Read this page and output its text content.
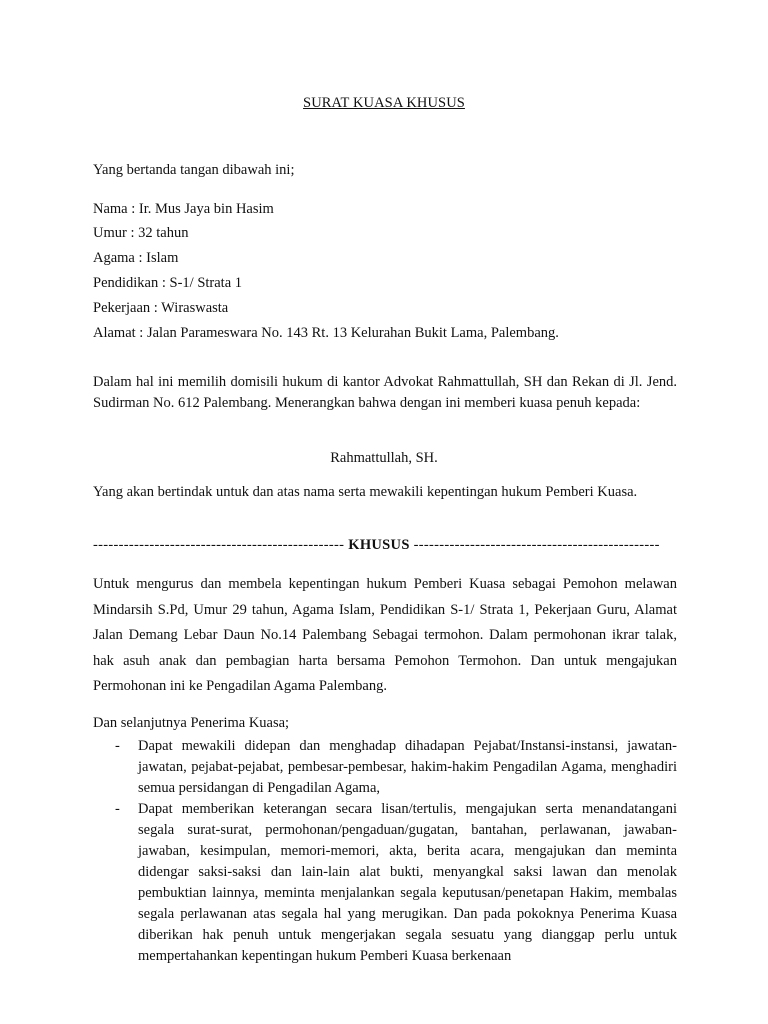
SURAT KUASA KHUSUS

Yang bertanda tangan dibawah ini;

Nama : Ir. Mus Jaya bin Hasim

Umur : 32 tahun

Agama : Islam

Pendidikan : S-1/ Strata 1

Pekerjaan : Wiraswasta

Alamat : Jalan Parameswara No. 143 Rt. 13 Kelurahan Bukit Lama, Palembang.

Dalam hal ini memilih domisili hukum di kantor Advokat Rahmattullah, SH dan Rekan di Jl. Jend. Sudirman No. 612 Palembang. Menerangkan bahwa dengan ini memberi kuasa penuh kepada:

Rahmattullah, SH.

Yang akan bertindak untuk dan atas nama serta mewakili kepentingan hukum Pemberi Kuasa.

------------------------------------------------- KHUSUS ------------------------------------------------

Untuk mengurus dan membela kepentingan hukum Pemberi Kuasa sebagai Pemohon melawan Mindarsih S.Pd, Umur 29 tahun, Agama Islam, Pendidikan S-1/ Strata 1, Pekerjaan Guru, Alamat Jalan Demang Lebar Daun No.14 Palembang Sebagai termohon. Dalam permohonan ikrar talak, hak asuh anak dan pembagian harta bersama Pemohon Termohon. Dan untuk mengajukan Permohonan ini ke Pengadilan Agama Palembang.

Dan selanjutnya Penerima Kuasa;

- Dapat mewakili didepan dan menghadap dihadapan Pejabat/Instansi-instansi, jawatan-jawatan, pejabat-pejabat, pembesar-pembesar, hakim-hakim Pengadilan Agama, menghadiri semua persidangan di Pengadilan Agama,
- Dapat memberikan keterangan secara lisan/tertulis, mengajukan serta menandatangani segala surat-surat, permohonan/pengaduan/gugatan, bantahan, perlawanan, jawaban-jawaban, kesimpulan, memori-memori, akta, berita acara, mengajukan dan meminta didengar saksi-saksi dan lain-lain alat bukti, menyangkal saksi lawan dan menolak pembuktian lainnya, meminta menjalankan segala keputusan/penetapan Hakim, membalas segala perlawanan atas segala hal yang merugikan. Dan pada pokoknya Penerima Kuasa diberikan hak penuh untuk mengerjakan segala sesuatu yang dianggap perlu untuk mempertahankan kepentingan hukum Pemberi Kuasa berkenaan
